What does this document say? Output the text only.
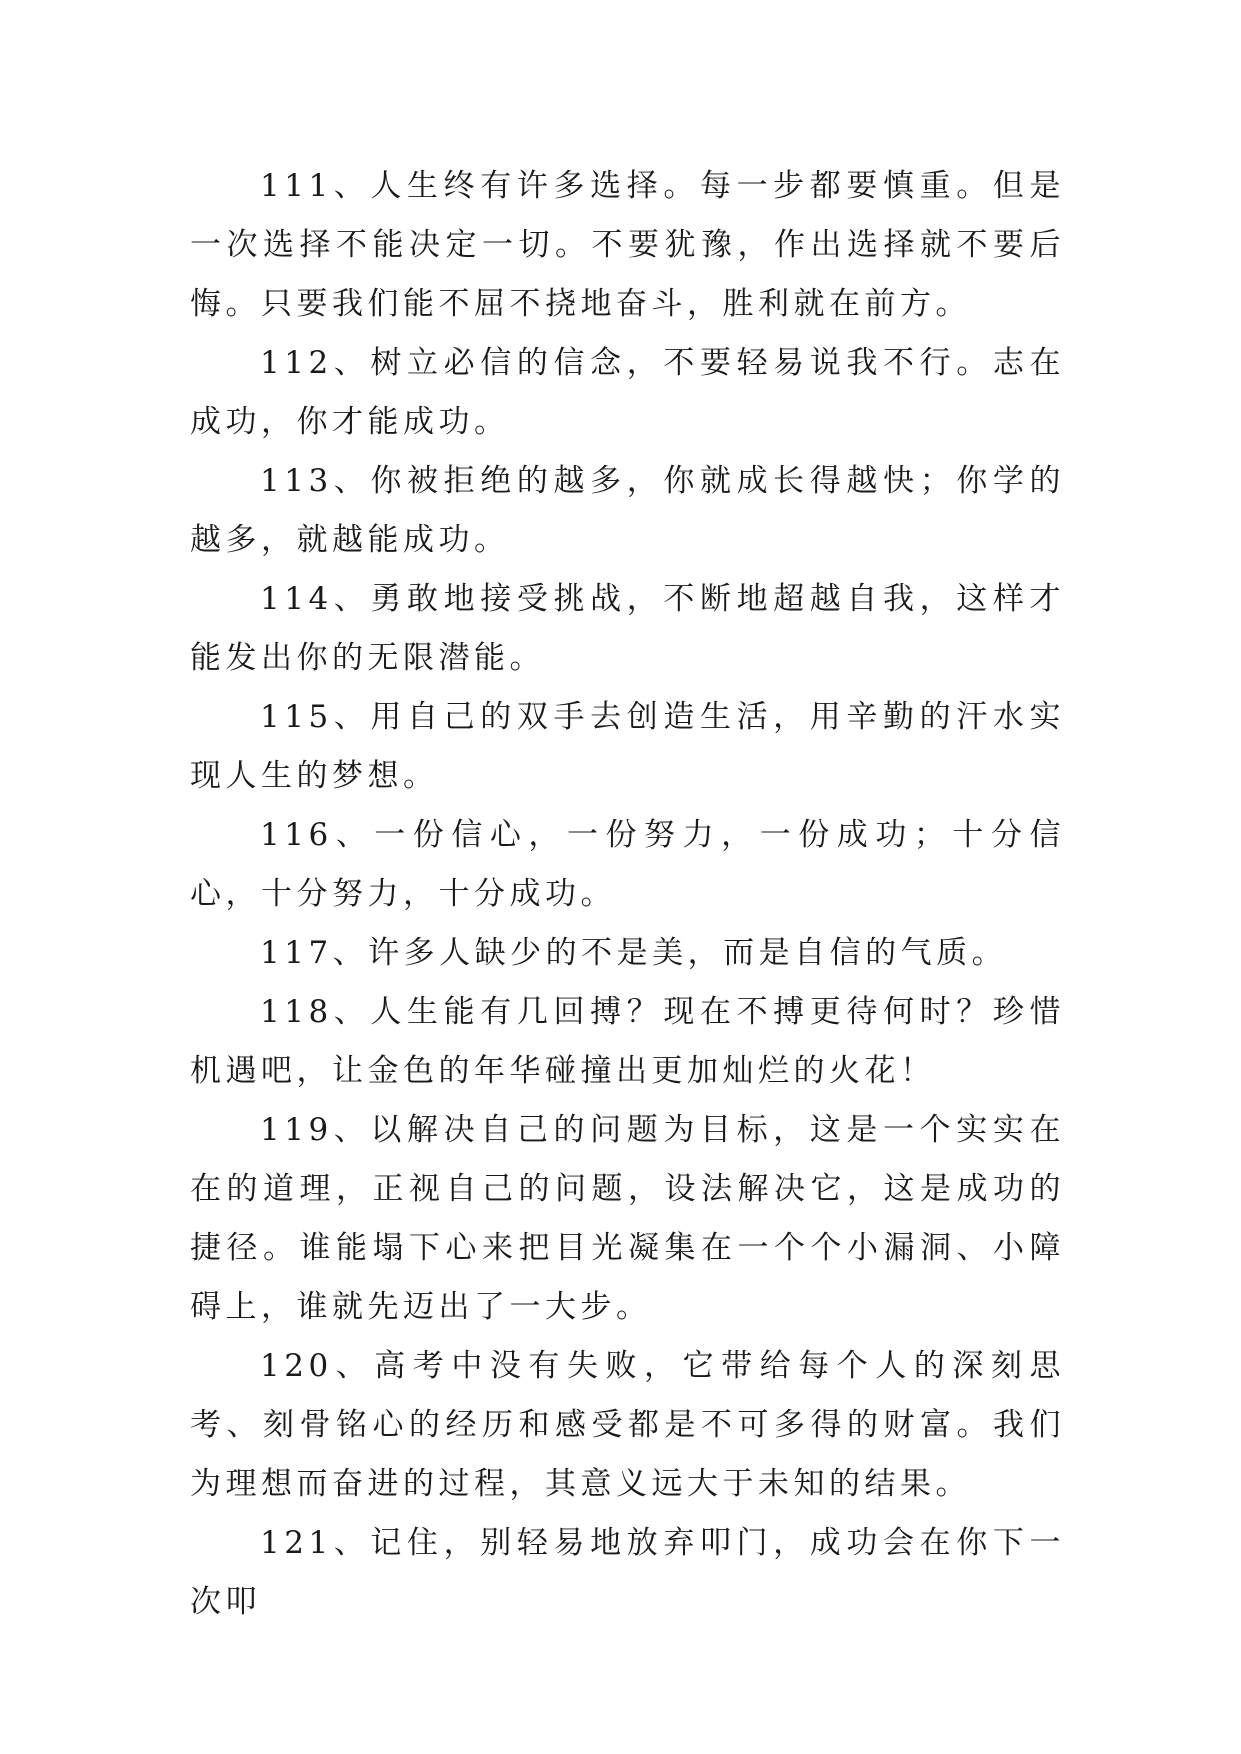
111、人生终有许多选择。每一步都要慎重。但是一次选择不能决定一切。不要犹豫，作出选择就不要后悔。只要我们能不屈不挠地奋斗，胜利就在前方。

112、树立必信的信念，不要轻易说我不行。志在成功，你才能成功。

113、你被拒绝的越多，你就成长得越快；你学的越多，就越能成功。

114、勇敢地接受挑战，不断地超越自我，这样才能发出你的无限潜能。

115、用自己的双手去创造生活，用辛勤的汗水实现人生的梦想。

116、一份信心，一份努力，一份成功；十分信心，十分努力，十分成功。

117、许多人缺少的不是美，而是自信的气质。

118、人生能有几回搏？现在不搏更待何时？珍惜机遇吧，让金色的年华碰撞出更加灿烂的火花！

119、以解决自己的问题为目标，这是一个实实在在的道理，正视自己的问题，设法解决它，这是成功的捷径。谁能塌下心来把目光凝集在一个个小漏洞、小障碍上，谁就先迈出了一大步。

120、高考中没有失败，它带给每个人的深刻思考、刻骨铭心的经历和感受都是不可多得的财富。我们为理想而奋进的过程，其意义远大于未知的结果。

121、记住，别轻易地放弃叩门，成功会在你下一次叩
